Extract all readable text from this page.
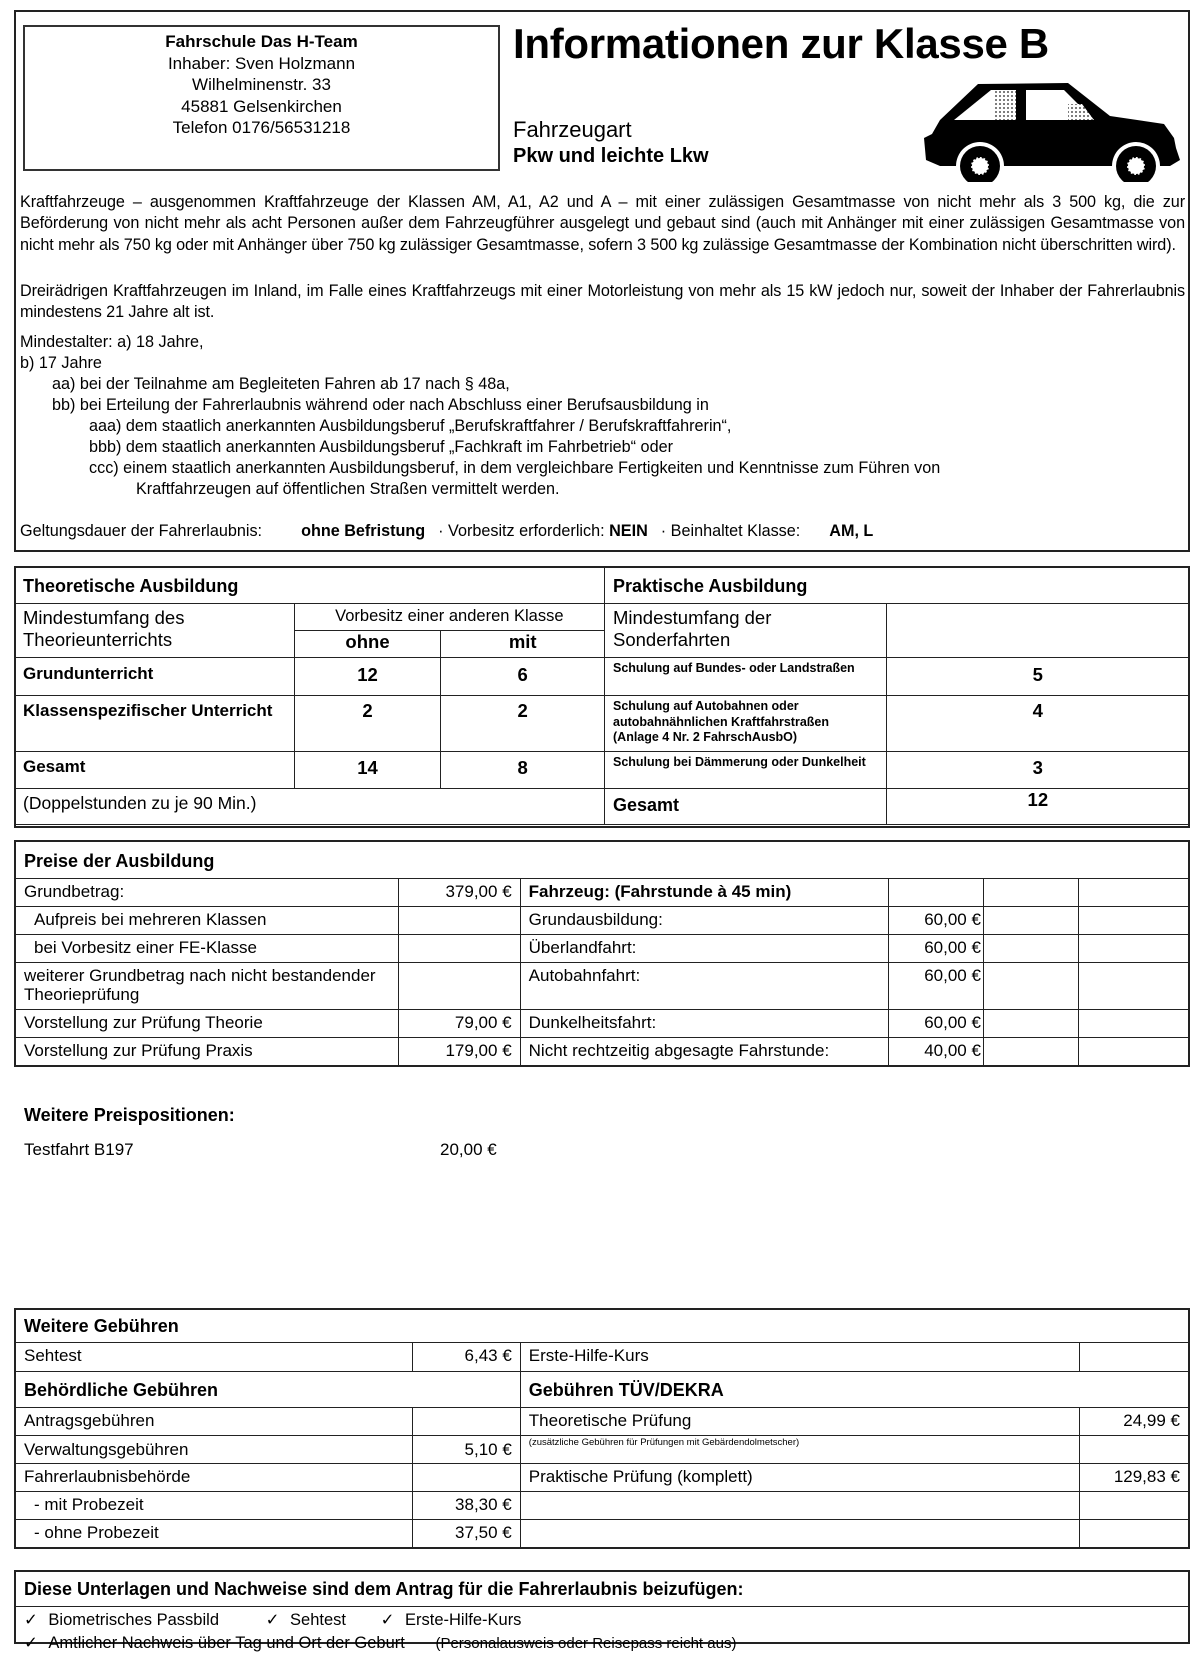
Fahrschule Das H-Team
Inhaber: Sven Holzmann
Wilhelminenstr. 33
45881 Gelsenkirchen
Telefon 0176/56531218
Informationen zur Klasse B
Fahrzeugart
Pkw und leichte Lkw
Kraftfahrzeuge – ausgenommen Kraftfahrzeuge der Klassen AM, A1, A2 und A – mit einer zulässigen Gesamtmasse von nicht mehr als 3 500 kg, die zur Beförderung von nicht mehr als acht Personen außer dem Fahrzeugführer ausgelegt und gebaut sind (auch mit Anhänger mit einer zulässigen Gesamtmasse von nicht mehr als 750 kg oder mit Anhänger über 750 kg zulässiger Gesamtmasse, sofern 3 500 kg zulässige Gesamtmasse der Kombination nicht überschritten wird).
Dreirädrigen Kraftfahrzeugen im Inland, im Falle eines Kraftfahrzeugs mit einer Motorleistung von mehr als 15 kW jedoch nur, soweit der Inhaber der Fahrerlaubnis mindestens 21 Jahre alt ist.
Mindestalter: a) 18 Jahre,
b) 17 Jahre
aa) bei der Teilnahme am Begleiteten Fahren ab 17 nach § 48a,
bb) bei Erteilung der Fahrerlaubnis während oder nach Abschluss einer Berufsausbildung in
aaa) dem staatlich anerkannten Ausbildungsberuf „Berufskraftfahrer / Berufskraftfahrerin“,
bbb) dem staatlich anerkannten Ausbildungsberuf „Fachkraft im Fahrbetrieb“ oder
ccc) einem staatlich anerkannten Ausbildungsberuf, in dem vergleichbare Fertigkeiten und Kenntnisse zum Führen von
Kraftfahrzeugen auf öffentlichen Straßen vermittelt werden.
Geltungsdauer der Fahrerlaubnis: ohne Befristung · Vorbesitz erforderlich: NEIN · Beinhaltet Klasse: AM, L
Theoretische Ausbildung		
Mindestumfang des Theorieunterrichts	Vorbesitz einer anderen Klasse	
	ohne	mit
Grundunterricht	12	6
Klassenspezifischer Unterricht	2	2
Gesamt	14	8
(Doppelstunden zu je 90 Min.)		
Praktische Ausbildung	
Mindestumfang der Sonderfahrten	
Schulung auf Bundes- oder Landstraßen	5
Schulung auf Autobahnen oder autobahnähnlichen Kraftfahrstraßen (Anlage 4 Nr. 2 FahrschAusbO)	4
Schulung bei Dämmerung oder Dunkelheit	3
Gesamt	12
Preise der Ausbildung					
Grundbetrag:	379,00 €	Fahrzeug: (Fahrstunde à 45 min)			
Aufpreis bei mehreren Klassen		Grundausbildung:	60,00 €		
bei Vorbesitz einer FE-Klasse		Überlandfahrt:	60,00 €		
weiterer Grundbetrag nach nicht bestandender Theorieprüfung		Autobahnfahrt:	60,00 €		
Vorstellung zur Prüfung Theorie	79,00 €	Dunkelheitsfahrt:	60,00 €		
Vorstellung zur Prüfung Praxis	179,00 €	Nicht rechtzeitig abgesagte Fahrstunde:	40,00 €		
Weitere Preispositionen:
Testfahrt B197	20,00 €
Weitere Gebühren			
Sehtest	6,43 €	Erste-Hilfe-Kurs	
Behördliche Gebühren		Gebühren TÜV/DEKRA	
Antragsgebühren		Theoretische Prüfung	24,99 €
Verwaltungsgebühren	5,10 €	(zusätzliche Gebühren für Prüfungen mit Gebärdendolmetscher)	
Fahrerlaubnisbehörde		Praktische Prüfung (komplett)	129,83 €
- mit Probezeit	38,30 €		
- ohne Probezeit	37,50 €		
Diese Unterlagen und Nachweise sind dem Antrag für die Fahrerlaubnis beizufügen:
✓ Biometrisches Passbild	✓ Sehtest ✓ Erste-Hilfe-Kurs
✓ Amtlicher Nachweis über Tag und Ort der Geburt (Personalausweis oder Reisepass reicht aus)
